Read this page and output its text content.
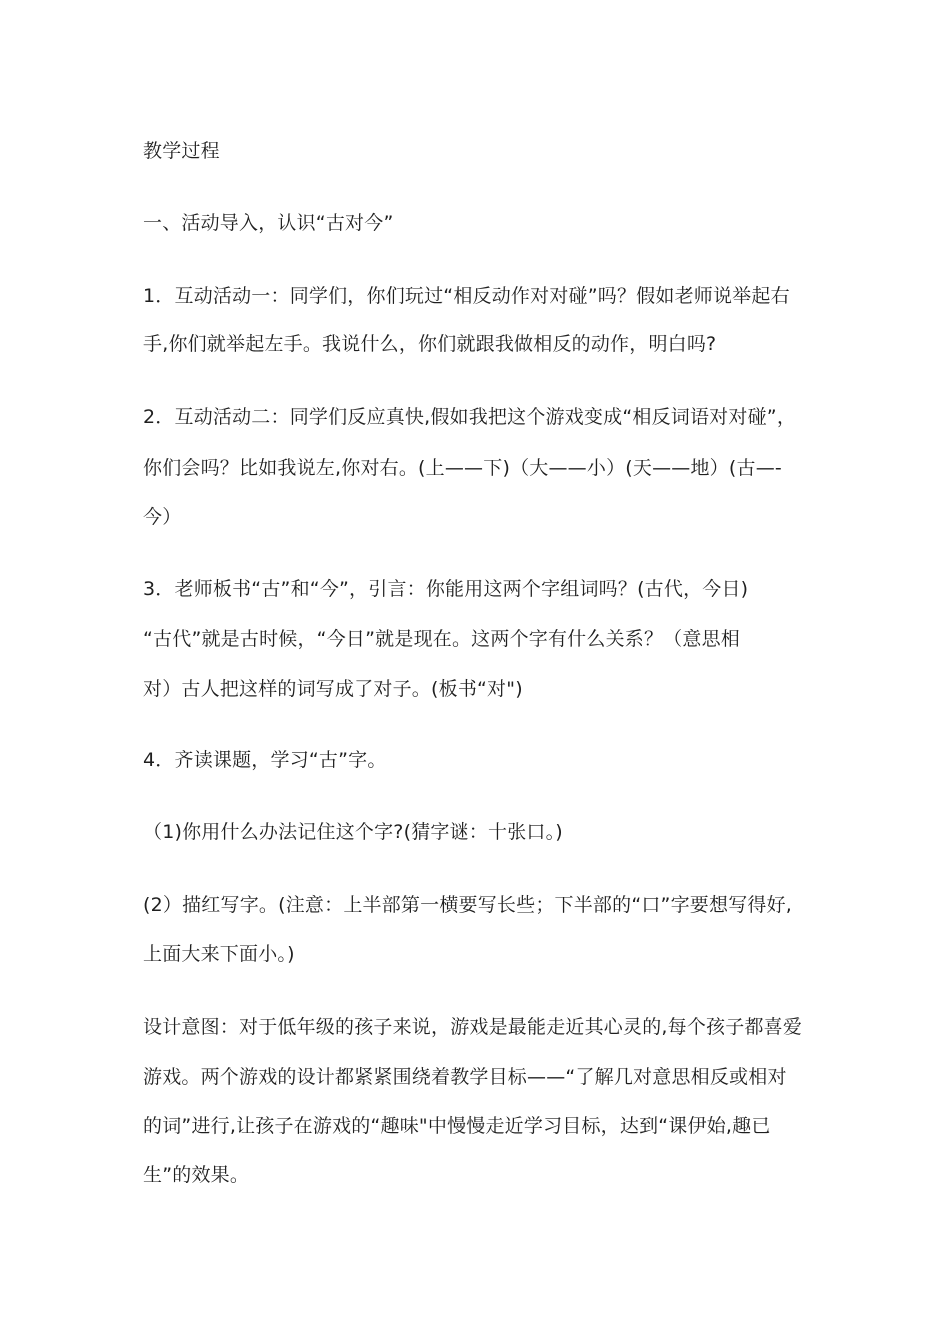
教学过程
一、活动导入，认识“古对今”
1．互动活动一：同学们，你们玩过“相反动作对对碰”吗？假如老师说举起右
手,你们就举起左手。我说什么，你们就跟我做相反的动作，明白吗?
2．互动活动二：同学们反应真快,假如我把这个游戏变成“相反词语对对碰”，
你们会吗？比如我说左,你对右。(上——下)（大——小）(天——地）(古—-
今）
3．老师板书“古”和“今”，引言：你能用这两个字组词吗？(古代，今日)
“古代”就是古时候，“今日”就是现在。这两个字有什么关系？（意思相
对）古人把这样的词写成了对子。(板书“对")
4．齐读课题，学习“古”字。
（1)你用什么办法记住这个字?(猜字谜：十张口。)
(2）描红写字。(注意：上半部第一横要写长些；下半部的“口”字要想写得好,
上面大来下面小。)
设计意图：对于低年级的孩子来说，游戏是最能走近其心灵的,每个孩子都喜爱
游戏。两个游戏的设计都紧紧围绕着教学目标——“了解几对意思相反或相对
的词”进行,让孩子在游戏的“趣味"中慢慢走近学习目标，达到“课伊始,趣已
生”的效果。
